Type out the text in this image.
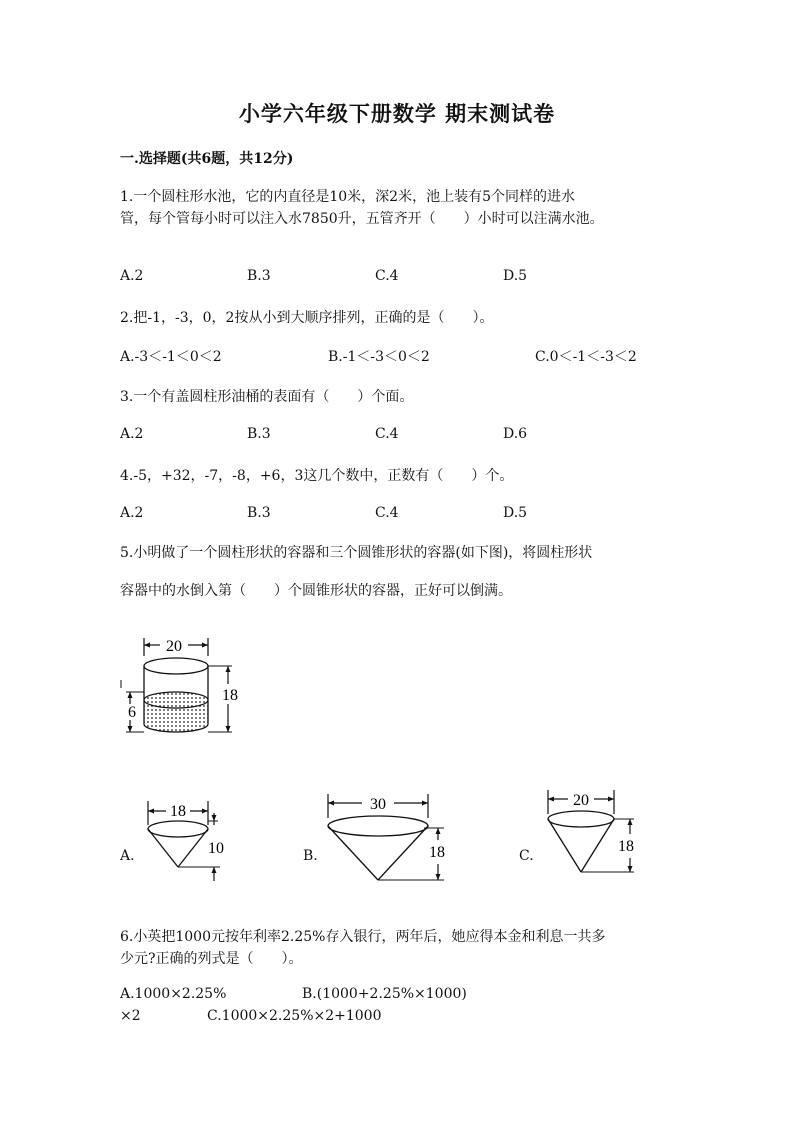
小学六年级下册数学 期末测试卷
一.选择题(共6题，共12分)
1.一个圆柱形水池，它的内直径是10米，深2米，池上装有5个同样的进水
管，每个管每小时可以注入水7850升，五管齐开（　　）小时可以注满水池。
A.2	B.3	C.4	D.5
2.把-1，-3，0，2按从小到大顺序排列，正确的是（　　）。
A.-3＜-1＜0＜2	B.-1＜-3＜0＜2	C.0＜-1＜-3＜2
3.一个有盖圆柱形油桶的表面有（　　）个面。
A.2	B.3	C.4	D.6
4.-5，+32，-7，-8，+6，3这几个数中，正数有（　　）个。
A.2	B.3	C.4	D.5
5.小明做了一个圆柱形状的容器和三个圆锥形状的容器(如下图)，将圆柱形状
容器中的水倒入第（　　）个圆锥形状的容器，正好可以倒满。
20
18
6
A.
18
10	B.
30
18	C.
20
18
6.小英把1000元按年利率2.25%存入银行，两年后，她应得本金和利息一共多
少元?正确的列式是（　　）。
A.1000×2.25%	B.(1000+2.25%×1000)
×2	C.1000×2.25%×2+1000
